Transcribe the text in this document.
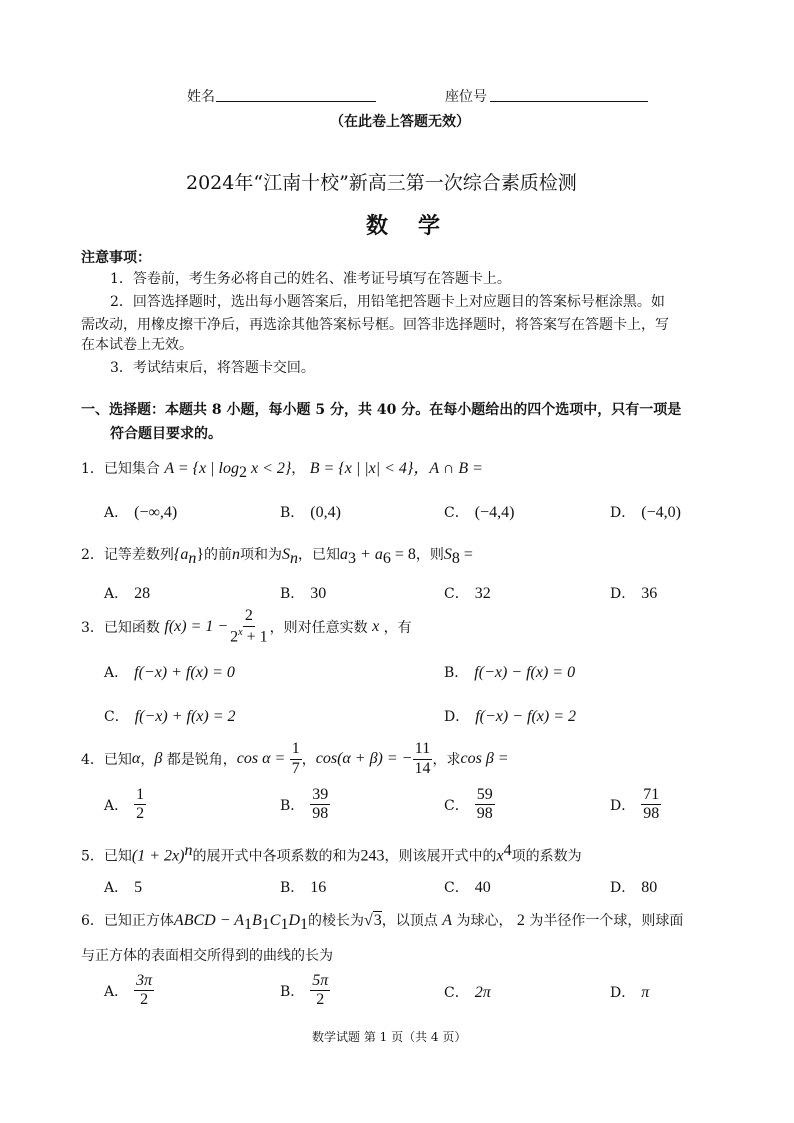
姓名	座位号
（在此卷上答题无效）
2024年“江南十校”新高三第一次综合素质检测
数　学
注意事项：
1．答卷前，考生务必将自己的姓名、准考证号填写在答题卡上。
2．回答选择题时，选出每小题答案后，用铅笔把答题卡上对应题目的答案标号框涂黑。如
需改动，用橡皮擦干净后，再选涂其他答案标号框。回答非选择题时，将答案写在答题卡上，写
在本试卷上无效。
3．考试结束后，将答题卡交回。
一、选择题：本题共 8 小题，每小题 5 分，共 40 分。在每小题给出的四个选项中，只有一项是
符合题目要求的。
1．已知集合 A = {x | $\log_2 x < 2$}， B = {x | |x| < 4}，A ∩ B =
A． (−∞,4)	B． (0,4)	C． (−4,4)	D． (−4,0)
2．记等差数列$\{a_n\}$的前n项和为$S_n$，已知$a_3 + a_6 = 8$，则$S_8$ =
A． 28	B． 30	C． 32	D． 36
3． 已知函数
$f(x) = 1 - \frac{2}{2^x + 1}$ ，则对任意实数
x
，有
A． f(−x) + f(x) = 0	B． f(−x) − f(x) = 0
C． f(−x) + f(x) = 2	D． f(−x) − f(x) = 2
4． 已知 α ， β
都是锐角， cos α =
$\frac{1}{7}$ ， cos(α + β) = − $\frac{11}{14}$ ，求 cos β =
A． $\frac{1}{2}$	B． $\frac{39}{98}$	C． $\frac{59}{98}$	D． $\frac{71}{98}$
5．已知$(1 + 2x)^n$的展开式中各项系数的和为243，则该展开式中的$x^4$项的系数为
A． 5	B． 16	C． 40	D． 80
6．已知正方体ABCD − $A_1B_1C_1D_1$的棱长为√3，以顶点 A 为球心， 2 为半径作一个球，则球面
与正方体的表面相交所得到的曲线的长为
A． $\frac{3\pi}{2}$	B． $\frac{5\pi}{2}$	C． 2π	D． π
数学试题 第 1 页（共 4 页）
